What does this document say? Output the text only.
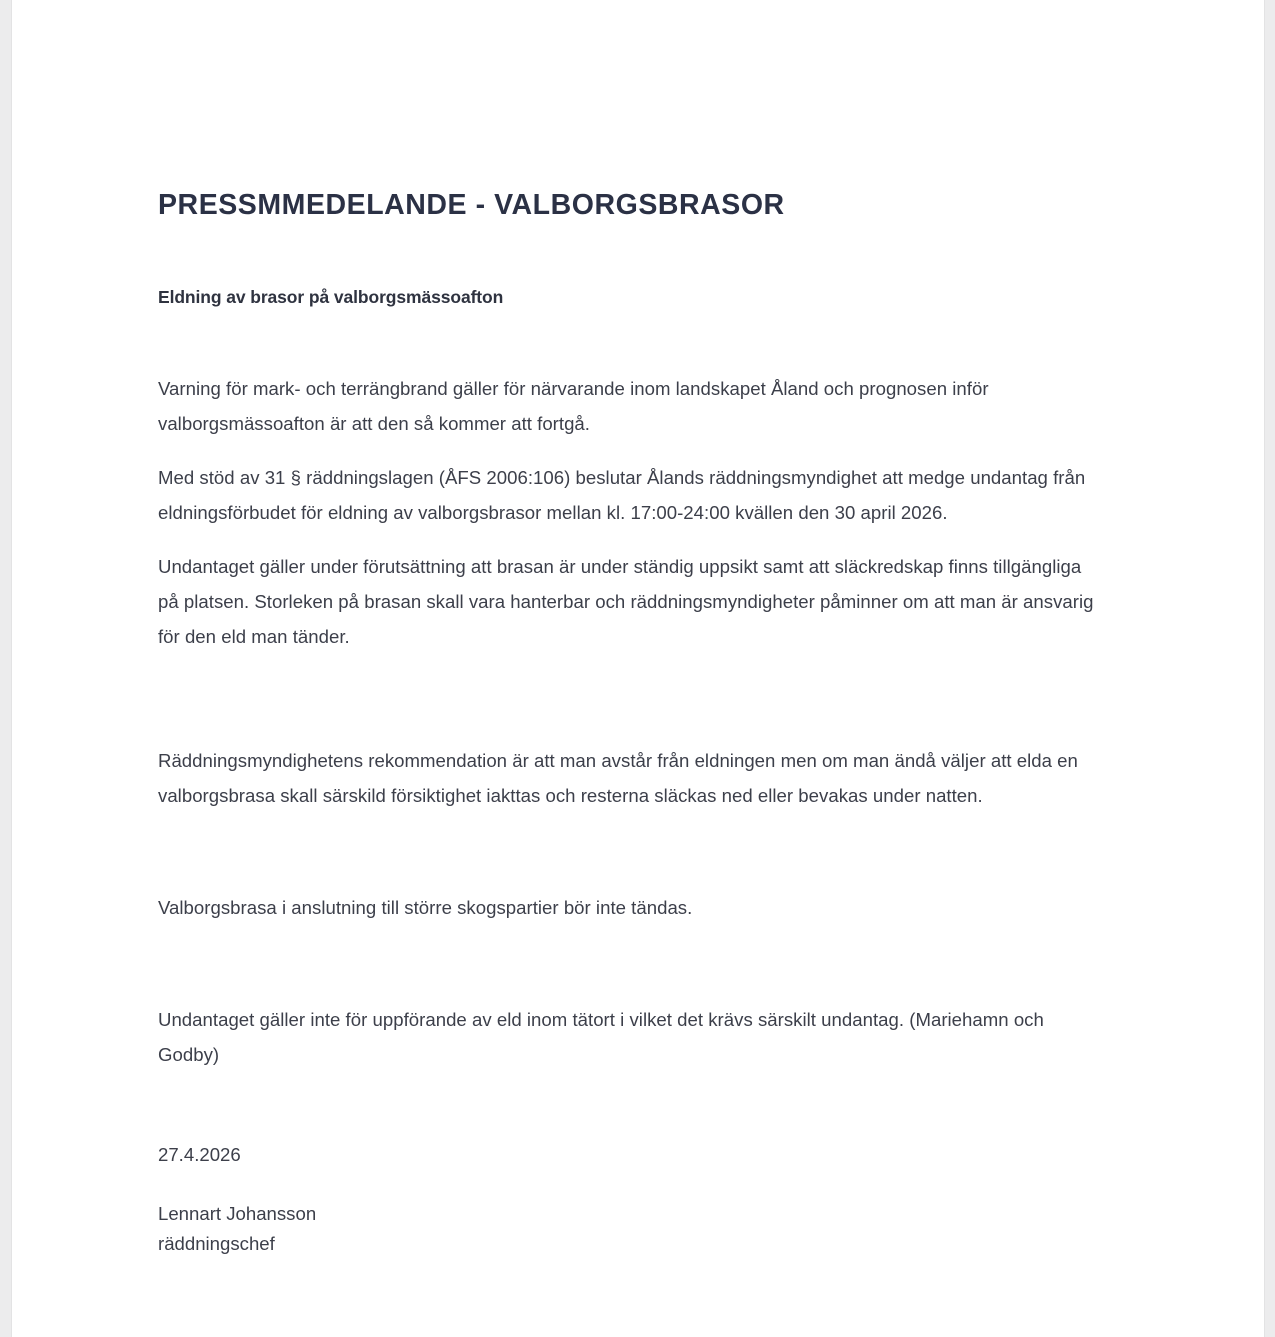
PRESSMMEDELANDE - VALBORGSBRASOR
Eldning av brasor på valborgsmässoafton

Varning för mark- och terrängbrand gäller för närvarande inom landskapet Åland och prognosen inför valborgsmässoafton är att den så kommer att fortgå.

Med stöd av 31 § räddningslagen (ÅFS 2006:106) beslutar Ålands räddningsmyndighet att medge undantag från eldningsförbudet för eldning av valborgsbrasor mellan kl. 17:00-24:00 kvällen den 30 april 2026.

Undantaget gäller under förutsättning att brasan är under ständig uppsikt samt att släckredskap finns tillgängliga på platsen. Storleken på brasan skall vara hanterbar och räddningsmyndigheter påminner om att man är ansvarig för den eld man tänder.

Räddningsmyndighetens rekommendation är att man avstår från eldningen men om man ändå väljer att elda en valborgsbrasa skall särskild försiktighet iakttas och resterna släckas ned eller bevakas under natten.

Valborgsbrasa i anslutning till större skogspartier bör inte tändas.

Undantaget gäller inte för uppförande av eld inom tätort i vilket det krävs särskilt undantag. (Mariehamn och Godby)

27.4.2026

Lennart Johansson

räddningschef
